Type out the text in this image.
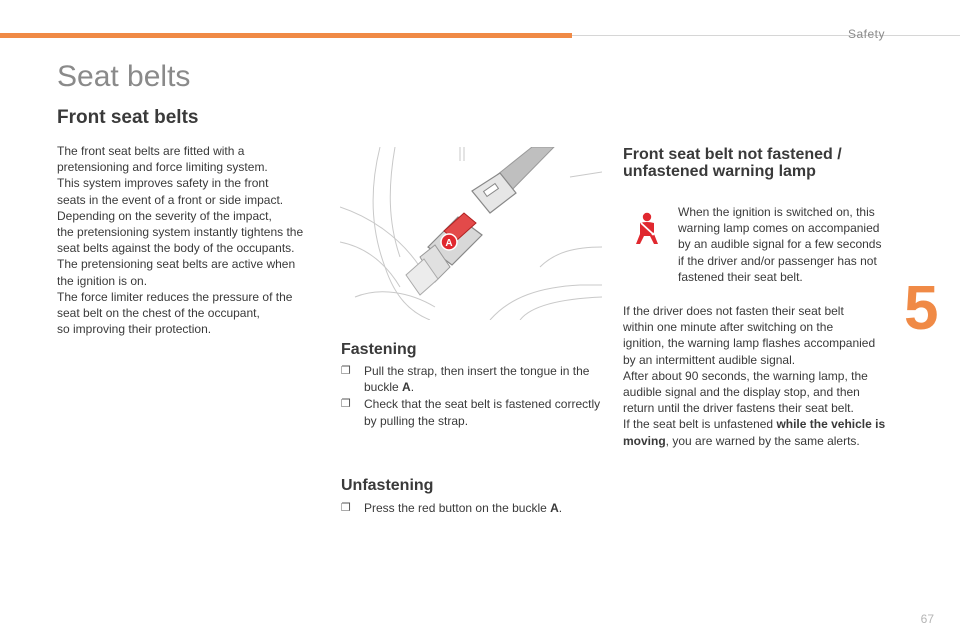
Safety
5
67
Seat belts
Front seat belts

The front seat belts are fitted with a

pretensioning and force limiting system.

This system improves safety in the front

seats in the event of a front or side impact.

Depending on the severity of the impact,

the pretensioning system instantly tightens the

seat belts against the body of the occupants.

The pretensioning seat belts are active when

the ignition is on.

The force limiter reduces the pressure of the

seat belt on the chest of the occupant,

so improving their protection.

A
Fastening
❐ Pull the strap, then insert the tongue in the buckle A.
❐ Check that the seat belt is fastened correctly by pulling the strap.
Unfastening
❐ Press the red button on the buckle A.
Front seat belt not fastened / unfastened warning lamp

When the ignition is switched on, this

warning lamp comes on accompanied

by an audible signal for a few seconds

if the driver and/or passenger has not

fastened their seat belt.

If the driver does not fasten their seat belt

within one minute after switching on the

ignition, the warning lamp flashes accompanied

by an intermittent audible signal.

After about 90 seconds, the warning lamp, the

audible signal and the display stop, and then

return until the driver fastens their seat belt.

If the seat belt is unfastened while the vehicle is moving, you are warned by the same alerts.
